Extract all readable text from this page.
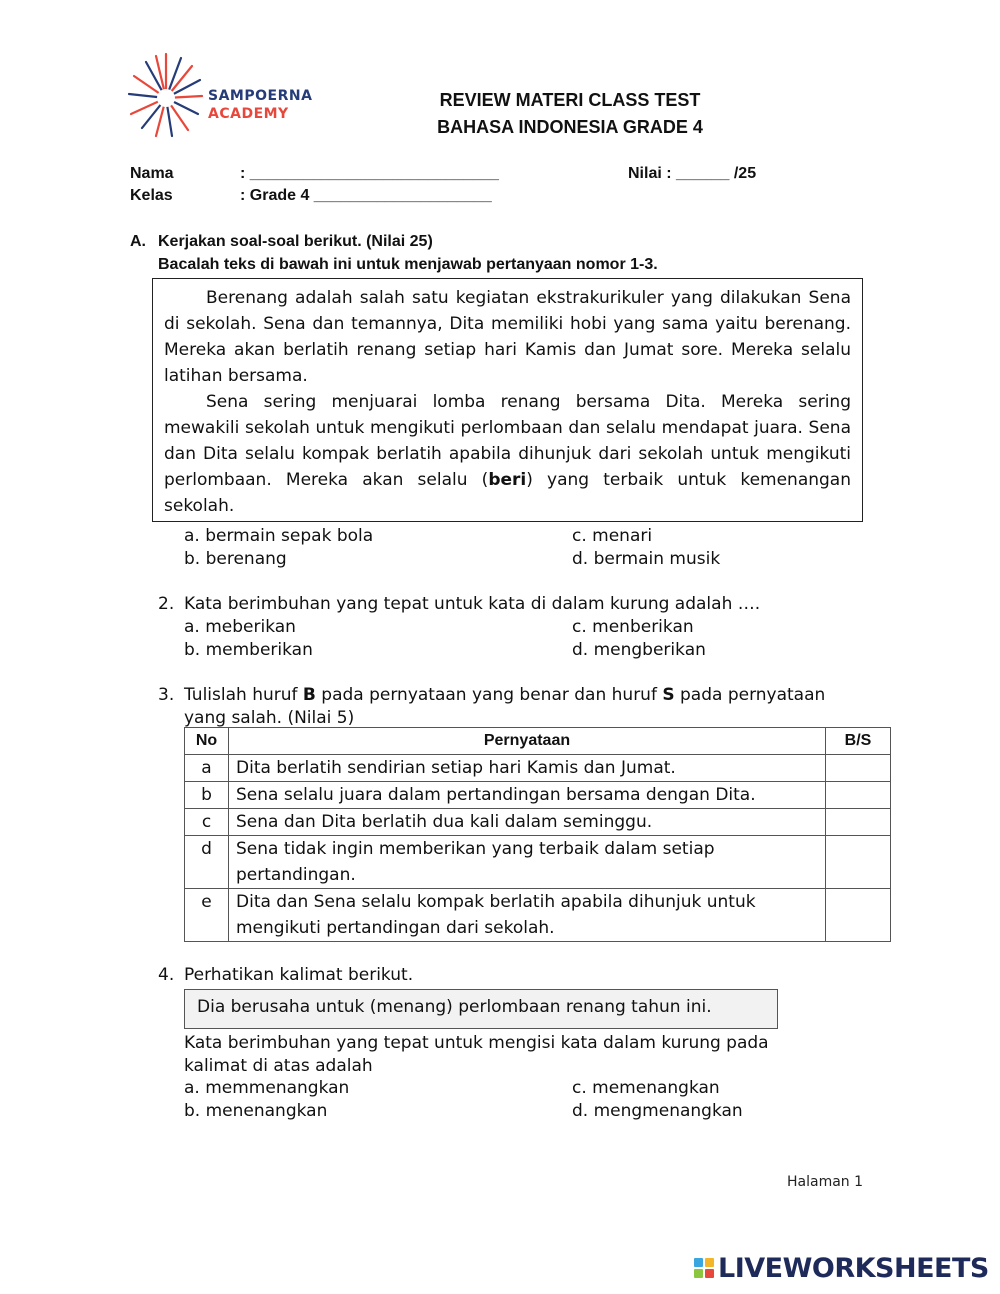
SAMPOERNA
ACADEMY
REVIEW MATERI CLASS TEST
BAHASA INDONESIA GRADE 4
Nama	: ____________________________
Kelas	: Grade 4 ____________________
Nilai : ______ /25
A. Kerjakan soal-soal berikut. (Nilai 25)
Bacalah teks di bawah ini untuk menjawab pertanyaan nomor 1-3.

Berenang adalah salah satu kegiatan ekstrakurikuler yang dilakukan Sena di sekolah. Sena dan temannya, Dita memiliki hobi yang sama yaitu berenang. Mereka akan berlatih renang setiap hari Kamis dan Jumat sore. Mereka selalu latihan bersama.

Sena sering menjuarai lomba renang bersama Dita. Mereka sering mewakili sekolah untuk mengikuti perlombaan dan selalu mendapat juara. Sena dan Dita selalu kompak berlatih apabila dihunjuk dari sekolah untuk mengikuti perlombaan. Mereka akan selalu (beri) yang terbaik untuk kemenangan sekolah.

a. bermain sepak bola
b. berenang
c. menari
d. bermain musik
2. Kata berimbuhan yang tepat untuk kata di dalam kurung adalah ….
a. meberikan
b. memberikan
c. menberikan
d. mengberikan
3. Tulislah huruf B pada pernyataan yang benar dan huruf S pada pernyataan
yang salah. (Nilai 5)
No	Pernyataan	B/S
a	Dita berlatih sendirian setiap hari Kamis dan Jumat.	
b	Sena selalu juara dalam pertandingan bersama dengan Dita.	
c	Sena dan Dita berlatih dua kali dalam seminggu.	
d	Sena tidak ingin memberikan yang terbaik dalam setiap pertandingan.	
e	Dita dan Sena selalu kompak berlatih apabila dihunjuk untuk mengikuti pertandingan dari sekolah.	
4. Perhatikan kalimat berikut.
Dia berusaha untuk (menang) perlombaan renang tahun ini.
Kata berimbuhan yang tepat untuk mengisi kata dalam kurung pada
kalimat di atas adalah
a. memmenangkan
b. menenangkan
c. memenangkan
d. mengmenangkan
Halaman 1
LIVEWORKSHEETS
